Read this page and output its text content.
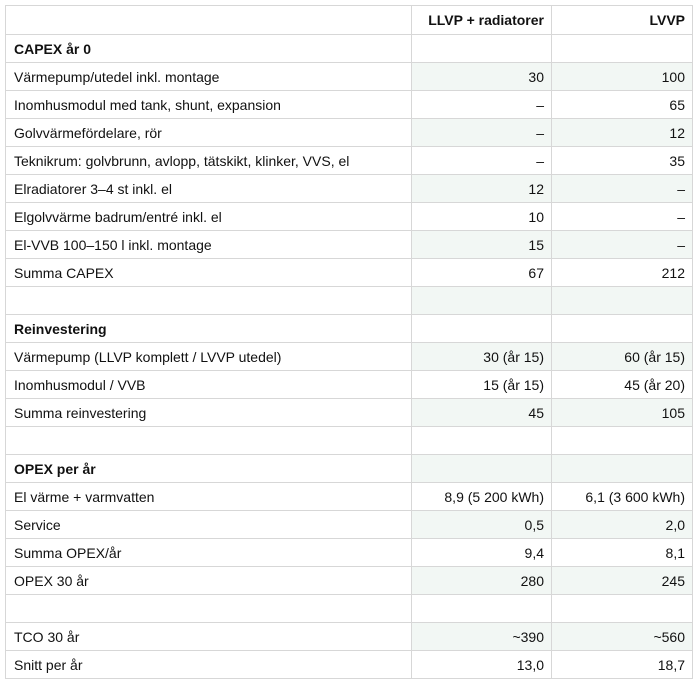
	LLVP + radiatorer	LVVP
CAPEX år 0		
Värmepump/utedel inkl. montage	30	100
Inomhusmodul med tank, shunt, expansion	–	65
Golvvärmefördelare, rör	–	12
Teknikrum: golvbrunn, avlopp, tätskikt, klinker, VVS, el	–	35
Elradiatorer 3–4 st inkl. el	12	–
Elgolvvärme badrum/entré inkl. el	10	–
El-VVB 100–150 l inkl. montage	15	–
Summa CAPEX	67	212

Reinvestering		
Värmepump (LLVP komplett / LVVP utedel)	30 (år 15)	60 (år 15)
Inomhusmodul / VVB	15 (år 15)	45 (år 20)
Summa reinvestering	45	105

OPEX per år		
El värme + varmvatten	8,9 (5 200 kWh)	6,1 (3 600 kWh)
Service	0,5	2,0
Summa OPEX/år	9,4	8,1
OPEX 30 år	280	245

TCO 30 år	~390	~560
Snitt per år	13,0	18,7
